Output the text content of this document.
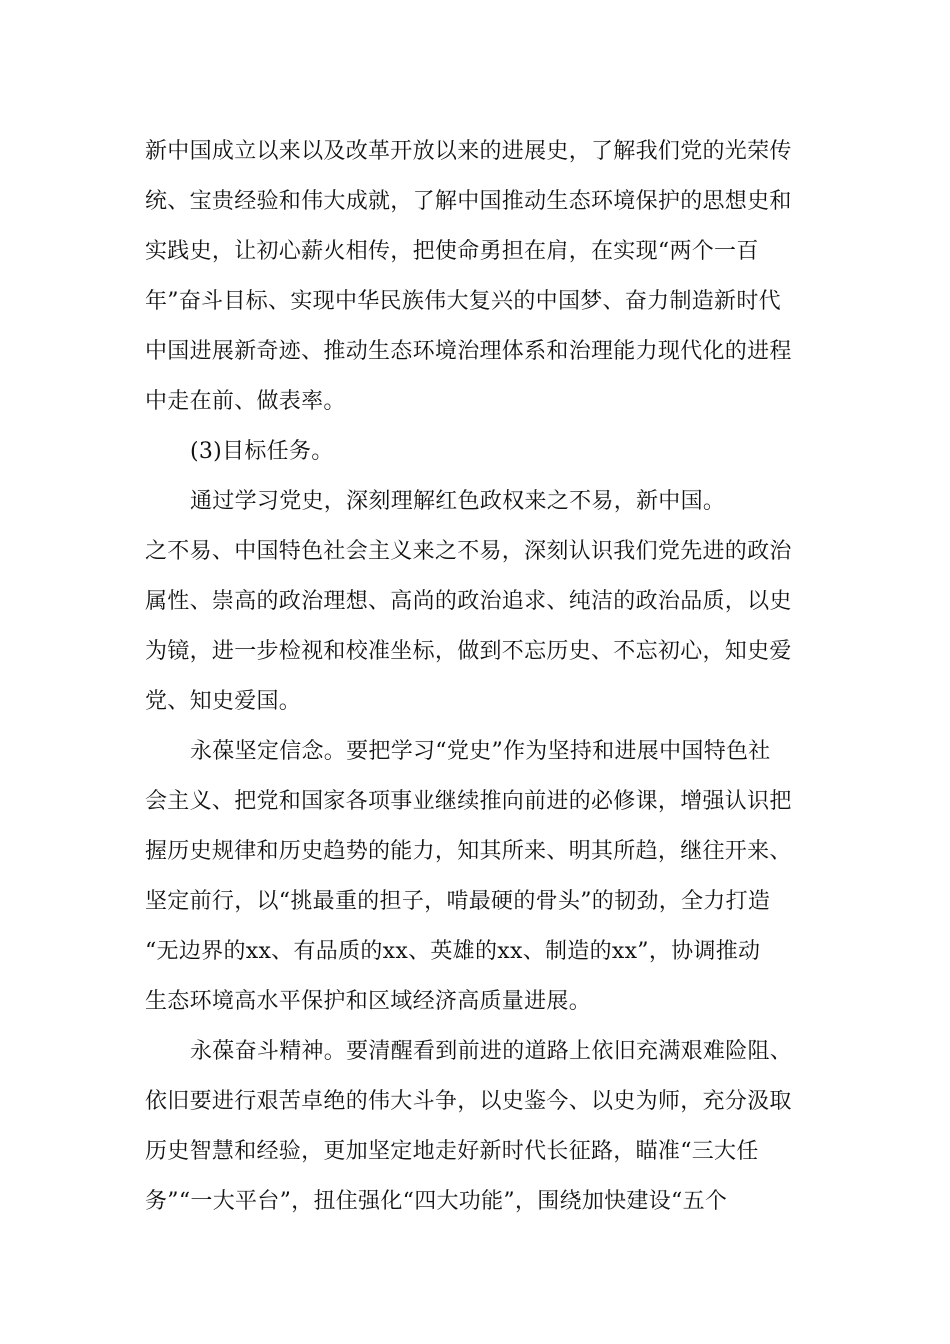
新中国成立以来以及改革开放以来的进展史，了解我们党的光荣传
统、宝贵经验和伟大成就，了解中国推动生态环境保护的思想史和
实践史，让初心薪火相传，把使命勇担在肩，在实现“两个一百
年”奋斗目标、实现中华民族伟大复兴的中国梦、奋力制造新时代
中国进展新奇迹、推动生态环境治理体系和治理能力现代化的进程
中走在前、做表率。
(3)目标任务。
通过学习党史，深刻理解红色政权来之不易，新中国。
之不易、中国特色社会主义来之不易，深刻认识我们党先进的政治
属性、崇高的政治理想、高尚的政治追求、纯洁的政治品质，以史
为镜，进一步检视和校准坐标，做到不忘历史、不忘初心，知史爱
党、知史爱国。
永葆坚定信念。要把学习“党史”作为坚持和进展中国特色社
会主义、把党和国家各项事业继续推向前进的必修课，增强认识把
握历史规律和历史趋势的能力，知其所来、明其所趋，继往开来、
坚定前行，以“挑最重的担子，啃最硬的骨头”的韧劲，全力打造
“无边界的xx、有品质的xx、英雄的xx、制造的xx”，协调推动
生态环境高水平保护和区域经济高质量进展。
永葆奋斗精神。要清醒看到前进的道路上依旧充满艰难险阻、
依旧要进行艰苦卓绝的伟大斗争，以史鉴今、以史为师，充分汲取
历史智慧和经验，更加坚定地走好新时代长征路，瞄准“三大任
务”“一大平台”，扭住强化“四大功能”，围绕加快建设“五个
